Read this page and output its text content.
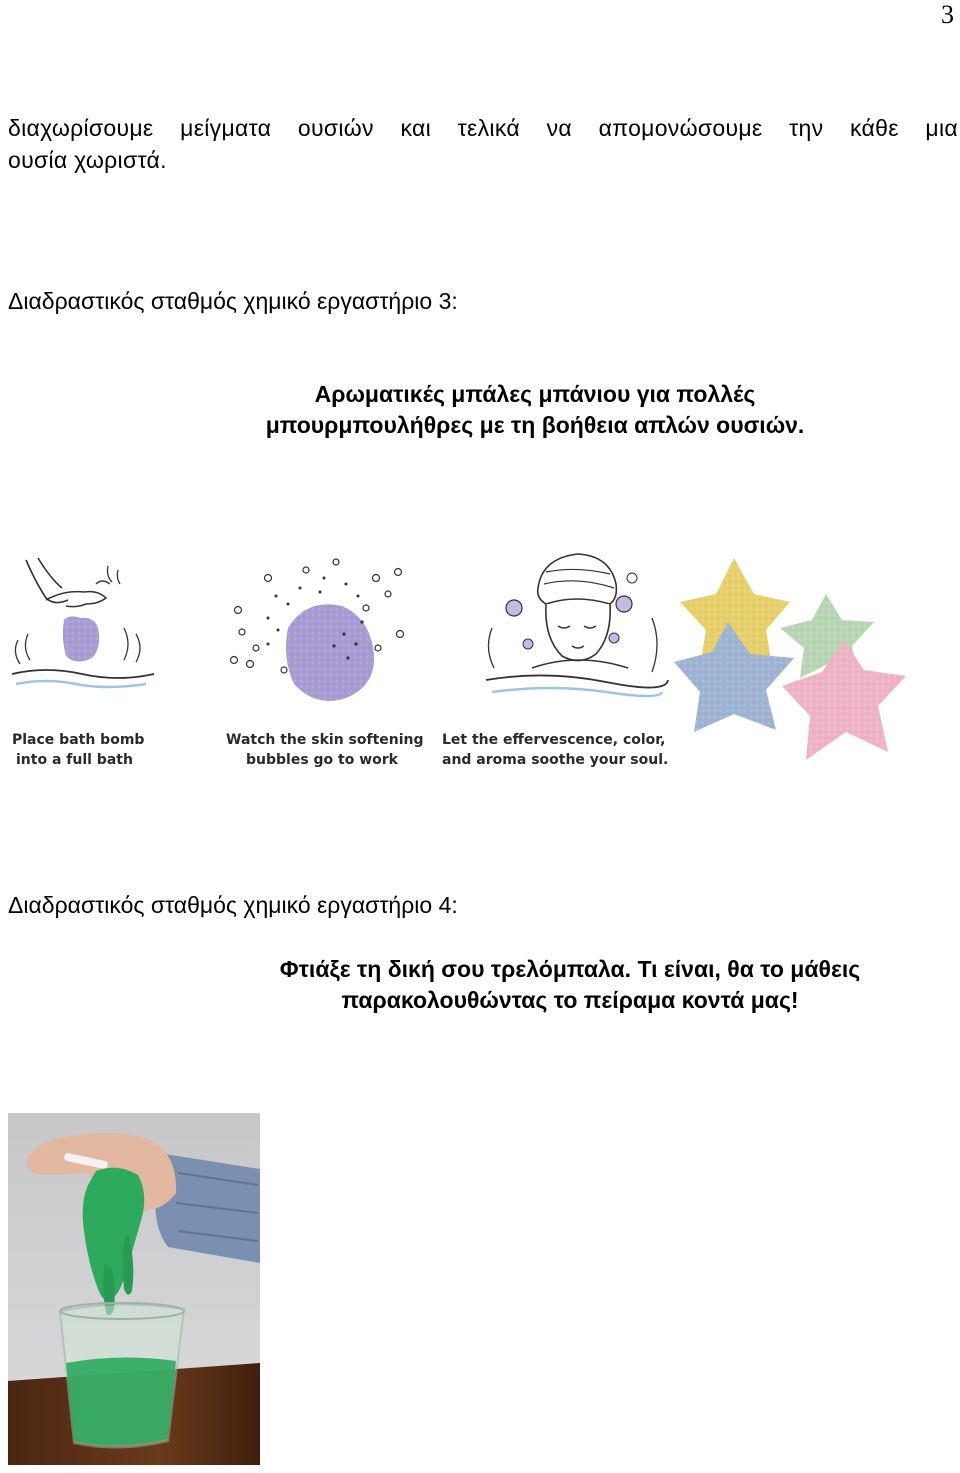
3
διαχωρίσουμε μείγματα ουσιών και τελικά να απομονώσουμε την κάθε μια
ουσία χωριστά.
Διαδραστικός σταθμός χημικό εργαστήριο 3:
Αρωματικές μπάλες μπάνιου για πολλές
μπουρμπουλήθρες με τη βοήθεια απλών ουσιών.
Watch the skin softening
bubbles go to work
Let the effervescence, color,
and aroma soothe your soul.
Place bath bomb
into a full bath
Διαδραστικός σταθμός χημικό εργαστήριο 4:
Φτιάξε τη δική σου τρελόμπαλα. Τι είναι, θα το μάθεις
παρακολουθώντας το πείραμα κοντά μας!
